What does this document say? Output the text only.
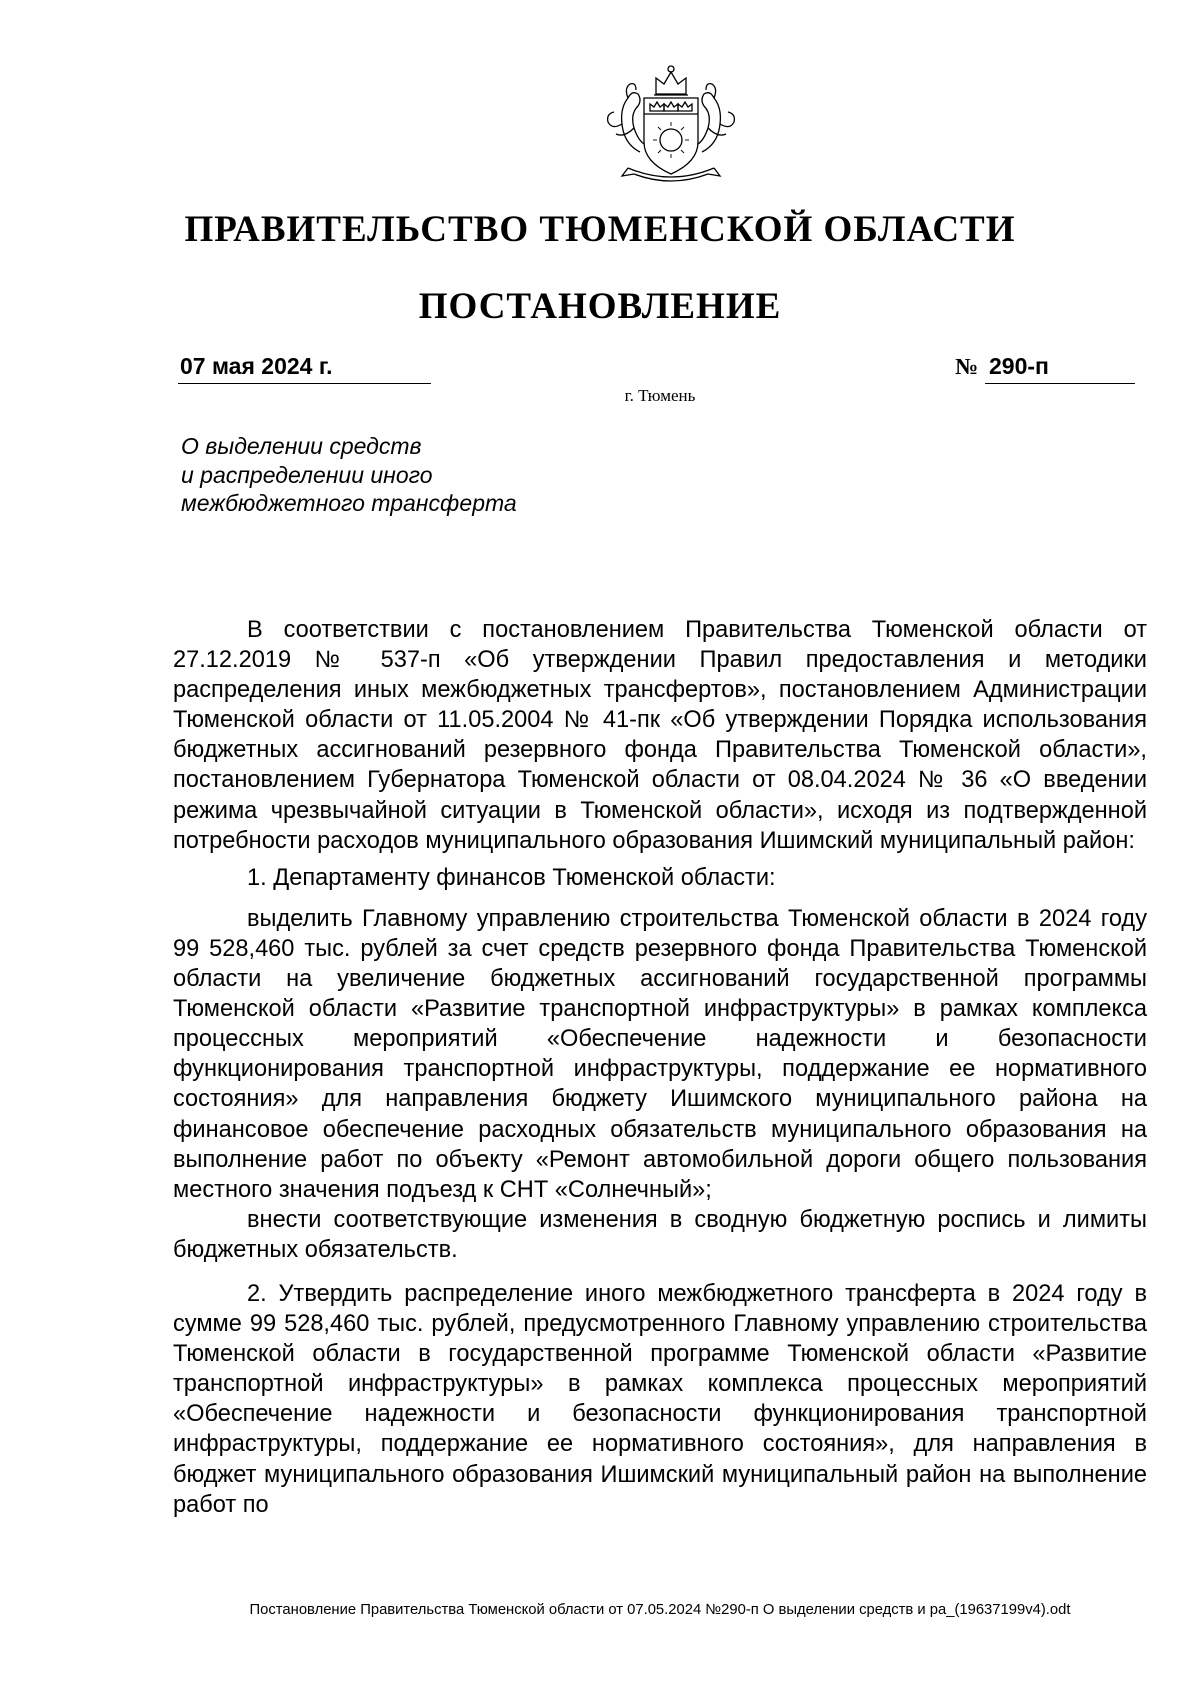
ПРАВИТЕЛЬСТВО ТЮМЕНСКОЙ ОБЛАСТИ
ПОСТАНОВЛЕНИЕ
07 мая 2024 г.	№ 290-п
г. Тюмень
О выделении средств
и распределении иного
межбюджетного трансферта

В соответствии с постановлением Правительства Тюменской области от 27.12.2019 № 537-п «Об утверждении Правил предоставления и методики распределения иных межбюджетных трансфертов», постановлением Администрации Тюменской области от 11.05.2004 № 41-пк «Об утверждении Порядка использования бюджетных ассигнований резервного фонда Правительства Тюменской области», постановлением Губернатора Тюменской области от 08.04.2024 № 36 «О введении режима чрезвычайной ситуации в Тюменской области», исходя из подтвержденной потребности расходов муниципального образования Ишимский муниципальный район:

1. Департаменту финансов Тюменской области:

выделить Главному управлению строительства Тюменской области в 2024 году 99 528,460 тыс. рублей за счет средств резервного фонда Правительства Тюменской области на увеличение бюджетных ассигнований государственной программы Тюменской области «Развитие транспортной инфраструктуры» в рамках комплекса процессных мероприятий «Обеспечение надежности и безопасности функционирования транспортной инфраструктуры, поддержание ее нормативного состояния» для направления бюджету Ишимского муниципального района на финансовое обеспечение расходных обязательств муниципального образования на выполнение работ по объекту «Ремонт автомобильной дороги общего пользования местного значения подъезд к СНТ «Солнечный»;

внести соответствующие изменения в сводную бюджетную роспись и лимиты бюджетных обязательств.

2. Утвердить распределение иного межбюджетного трансферта в 2024 году в сумме 99 528,460 тыс. рублей, предусмотренного Главному управлению строительства Тюменской области в государственной программе Тюменской области «Развитие транспортной инфраструктуры» в рамках комплекса процессных мероприятий «Обеспечение надежности и безопасности функционирования транспортной инфраструктуры, поддержание ее нормативного состояния», для направления в бюджет муниципального образования Ишимский муниципальный район на выполнение работ по

Постановление Правительства Тюменской области от 07.05.2024 №290-п О выделении средств и ра_(19637199v4).odt
